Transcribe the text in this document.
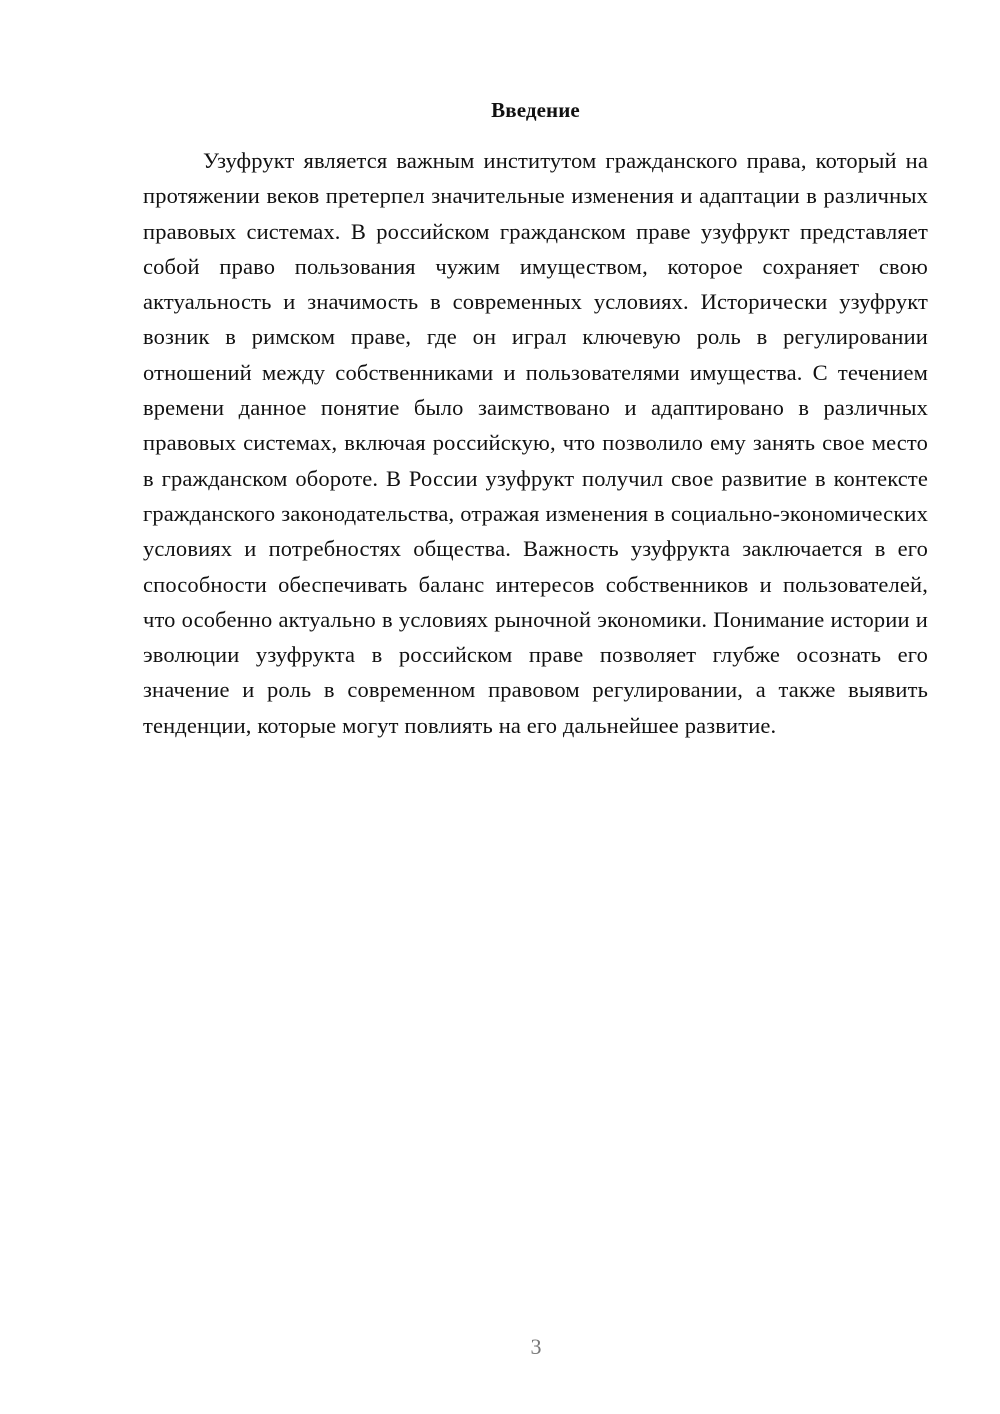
Введение

Узуфрукт является важным институтом гражданского права, который на протяжении веков претерпел значительные изменения и адаптации в различных правовых системах. В российском гражданском праве узуфрукт представляет собой право пользования чужим имуществом, которое сохраняет свою актуальность и значимость в современных условиях. Исторически узуфрукт возник в римском праве, где он играл ключевую роль в регулировании отношений между собственниками и пользователями имущества. С течением времени данное понятие было заимствовано и адаптировано в различных правовых системах, включая российскую, что позволило ему занять свое место в гражданском обороте. В России узуфрукт получил свое развитие в контексте гражданского законодательства, отражая изменения в социально-экономических условиях и потребностях общества. Важность узуфрукта заключается в его способности обеспечивать баланс интересов собственников и пользователей, что особенно актуально в условиях рыночной экономики. Понимание истории и эволюции узуфрукта в российском праве позволяет глубже осознать его значение и роль в современном правовом регулировании, а также выявить тенденции, которые могут повлиять на его дальнейшее развитие.

3
